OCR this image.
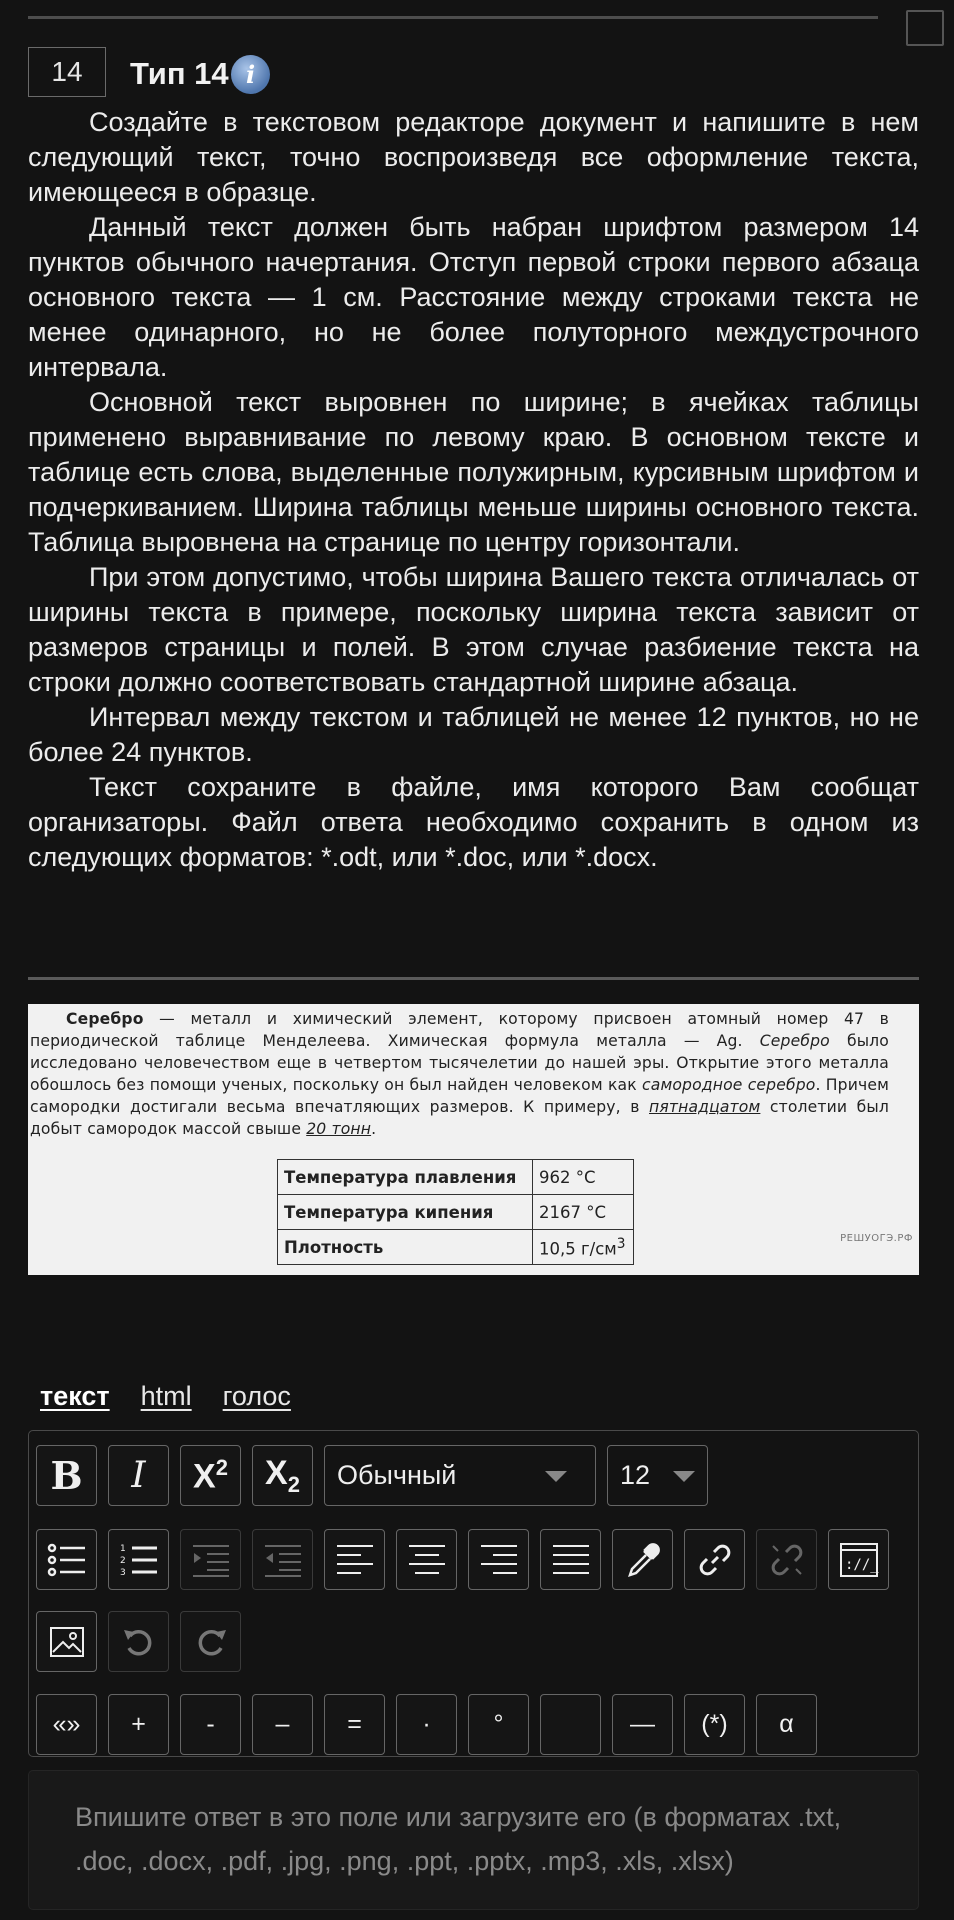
14	Тип 14 i

Создайте в текстовом редакторе документ и напишите в нем следующий текст, точно воспроизведя все оформление текста, имеющееся в образце.

Данный текст должен быть набран шрифтом размером 14 пунктов обычного начертания. Отступ первой строки первого абзаца основного текста — 1 см. Расстояние между строками текста не менее одинарного, но не более полуторного междустрочного интервала.

Основной текст выровнен по ширине; в ячейках таблицы применено выравнивание по левому краю. В основном тексте и таблице есть слова, выделенные полужирным, курсивным шрифтом и подчеркиванием. Ширина таблицы меньше ширины основного текста. Таблица выровнена на странице по центру горизонтали.

При этом допустимо, чтобы ширина Вашего текста отличалась от ширины текста в примере, поскольку ширина текста зависит от размеров страницы и полей. В этом случае разбиение текста на строки должно соответствовать стандартной ширине абзаца.

Интервал между текстом и таблицей не менее 12 пунктов, но не более 24 пунктов.

Текст сохраните в файле, имя которого Вам сообщат организаторы. Файл ответа необходимо сохранить в одном из следующих форматов: *.odt, или *.doc, или *.docx.

Серебро — металл и химический элемент, которому присвоен атомный номер 47 в периодической таблице Менделеева. Химическая формула металла — Ag. Серебро было исследовано человечеством еще в четвертом тысячелетии до нашей эры. Открытие этого металла обошлось без помощи ученых, поскольку он был найден человеком как самородное серебро. Причем самородки достигали весьма впечатляющих размеров. К примеру, в пятнадцатом столетии был добыт самородок массой свыше 20 тонн.
Температура плавления	962 °C
Температура кипения	2167 °C
Плотность	10,5 $г/см^3$	РЕШУОГЭ.РФ
текст html голос
B I $X^2$ $X_2$ Обычный	12
1
2
3	://_
«»	+	-	–	=	·	°	—	(*)	α
Впишите ответ в это поле или загрузите его (в форматах .txt, .doc, .docx, .pdf, .jpg, .png, .ppt, .pptx, .mp3, .xls, .xlsx)
